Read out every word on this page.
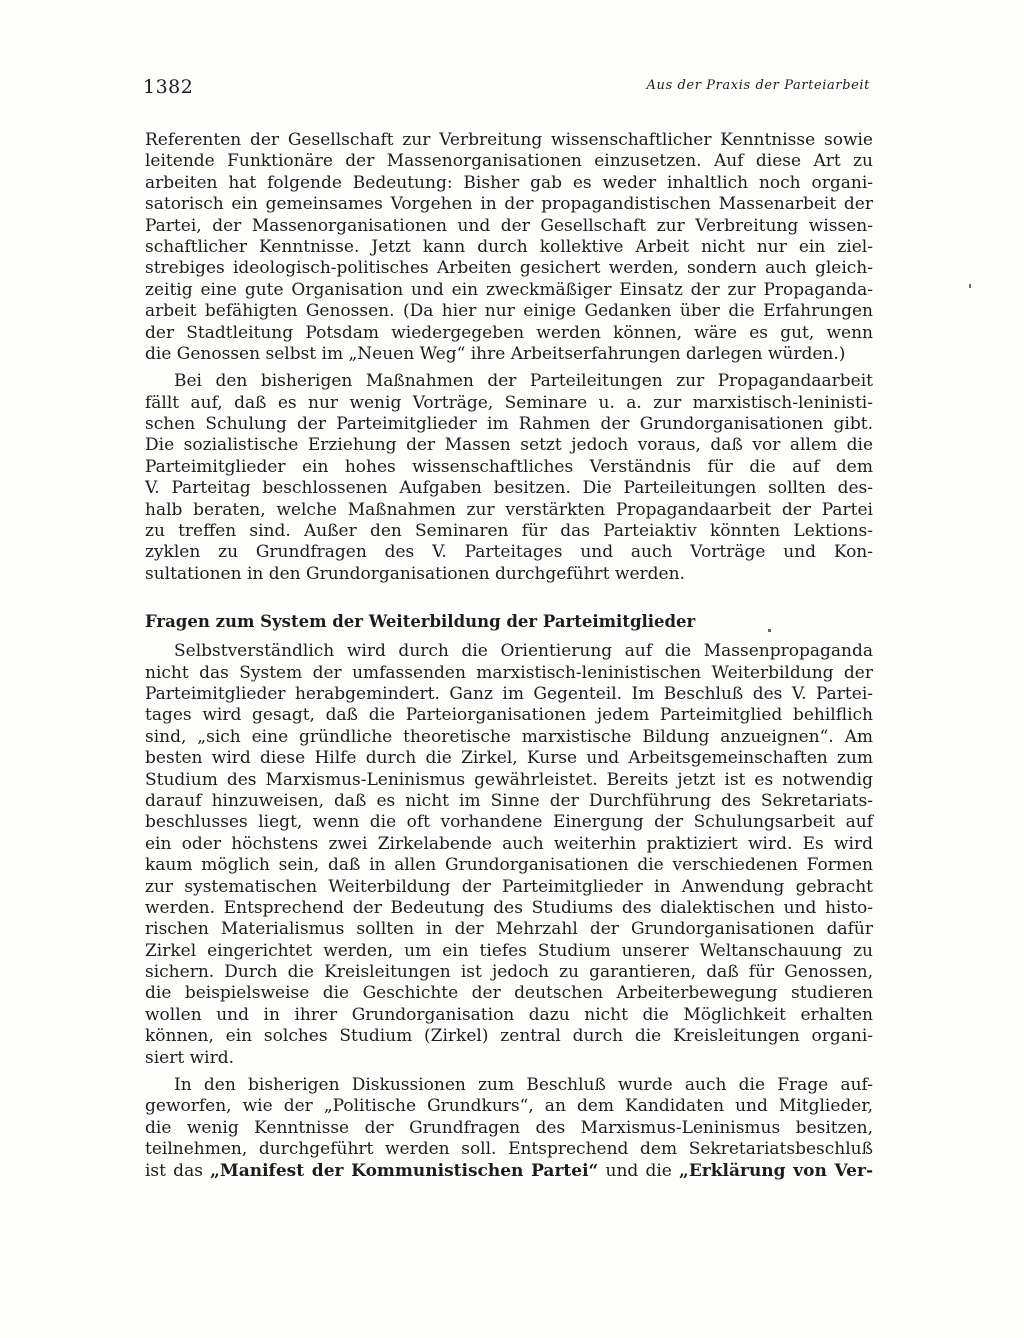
1382	Aus der Praxis der Parteiarbeit
Referenten der Gesellschaft zur Verbreitung wissenschaftlicher Kenntnisse sowie
leitende Funktionäre der Massenorganisationen einzusetzen. Auf diese Art zu
arbeiten hat folgende Bedeutung: Bisher gab es weder inhaltlich noch organi-
satorisch ein gemeinsames Vorgehen in der propagandistischen Massenarbeit der
Partei, der Massenorganisationen und der Gesellschaft zur Verbreitung wissen-
schaftlicher Kenntnisse. Jetzt kann durch kollektive Arbeit nicht nur ein ziel-
strebiges ideologisch-politisches Arbeiten gesichert werden, sondern auch gleich-
zeitig eine gute Organisation und ein zweckmäßiger Einsatz der zur Propaganda-
arbeit befähigten Genossen. (Da hier nur einige Gedanken über die Erfahrungen
der Stadtleitung Potsdam wiedergegeben werden können, wäre es gut, wenn
die Genossen selbst im „Neuen Weg“ ihre Arbeitserfahrungen darlegen würden.)
Bei den bisherigen Maßnahmen der Parteileitungen zur Propagandaarbeit
fällt auf, daß es nur wenig Vorträge, Seminare u. a. zur marxistisch-leninisti-
schen Schulung der Parteimitglieder im Rahmen der Grundorganisationen gibt.
Die sozialistische Erziehung der Massen setzt jedoch voraus, daß vor allem die
Parteimitglieder ein hohes wissenschaftliches Verständnis für die auf dem
V. Parteitag beschlossenen Aufgaben besitzen. Die Parteileitungen sollten des-
halb beraten, welche Maßnahmen zur verstärkten Propagandaarbeit der Partei
zu treffen sind. Außer den Seminaren für das Parteiaktiv könnten Lektions-
zyklen zu Grundfragen des V. Parteitages und auch Vorträge und Kon-
sultationen in den Grundorganisationen durchgeführt werden.
Fragen zum System der Weiterbildung der Parteimitglieder
Selbstverständlich wird durch die Orientierung auf die Massenpropaganda
nicht das System der umfassenden marxistisch-leninistischen Weiterbildung der
Parteimitglieder herabgemindert. Ganz im Gegenteil. Im Beschluß des V. Partei-
tages wird gesagt, daß die Parteiorganisationen jedem Parteimitglied behilflich
sind, „sich eine gründliche theoretische marxistische Bildung anzueignen“. Am
besten wird diese Hilfe durch die Zirkel, Kurse und Arbeitsgemeinschaften zum
Studium des Marxismus-Leninismus gewährleistet. Bereits jetzt ist es notwendig
darauf hinzuweisen, daß es nicht im Sinne der Durchführung des Sekretariats-
beschlusses liegt, wenn die oft vorhandene Einergung der Schulungsarbeit auf
ein oder höchstens zwei Zirkelabende auch weiterhin praktiziert wird. Es wird
kaum möglich sein, daß in allen Grundorganisationen die verschiedenen Formen
zur systematischen Weiterbildung der Parteimitglieder in Anwendung gebracht
werden. Entsprechend der Bedeutung des Studiums des dialektischen und histo-
rischen Materialismus sollten in der Mehrzahl der Grundorganisationen dafür
Zirkel eingerichtet werden, um ein tiefes Studium unserer Weltanschauung zu
sichern. Durch die Kreisleitungen ist jedoch zu garantieren, daß für Genossen,
die beispielsweise die Geschichte der deutschen Arbeiterbewegung studieren
wollen und in ihrer Grundorganisation dazu nicht die Möglichkeit erhalten
können, ein solches Studium (Zirkel) zentral durch die Kreisleitungen organi-
siert wird.
In den bisherigen Diskussionen zum Beschluß wurde auch die Frage auf-
geworfen, wie der „Politische Grundkurs“, an dem Kandidaten und Mitglieder,
die wenig Kenntnisse der Grundfragen des Marxismus-Leninismus besitzen,
teilnehmen, durchgeführt werden soll. Entsprechend dem Sekretariatsbeschluß
ist das „Manifest der Kommunistischen Partei“ und die „Erklärung von Ver-
